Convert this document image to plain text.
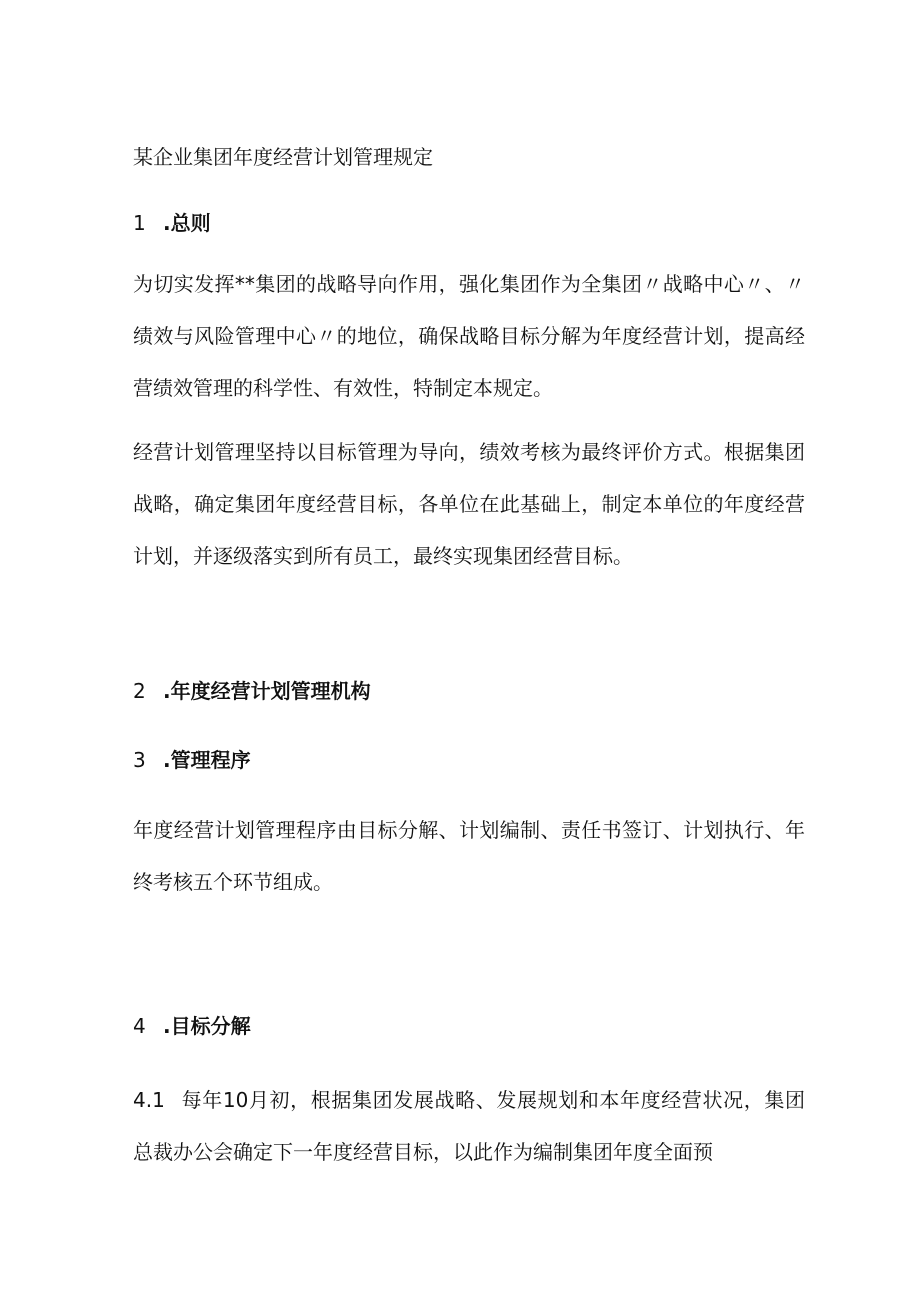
某企业集团年度经营计划管理规定

1 .总则

为切实发挥**集团的战略导向作用，强化集团作为全集团〃战略中心〃、〃绩效与风险管理中心〃的地位，确保战略目标分解为年度经营计划，提高经营绩效管理的科学性、有效性，特制定本规定。

经营计划管理坚持以目标管理为导向，绩效考核为最终评价方式。根据集团战略，确定集团年度经营目标，各单位在此基础上，制定本单位的年度经营计划，并逐级落实到所有员工，最终实现集团经营目标。

2 .年度经营计划管理机构

3 .管理程序

年度经营计划管理程序由目标分解、计划编制、责任书签订、计划执行、年终考核五个环节组成。

4 .目标分解

4.1 每年10月初，根据集团发展战略、发展规划和本年度经营状况，集团总裁办公会确定下一年度经营目标，以此作为编制集团年度全面预
